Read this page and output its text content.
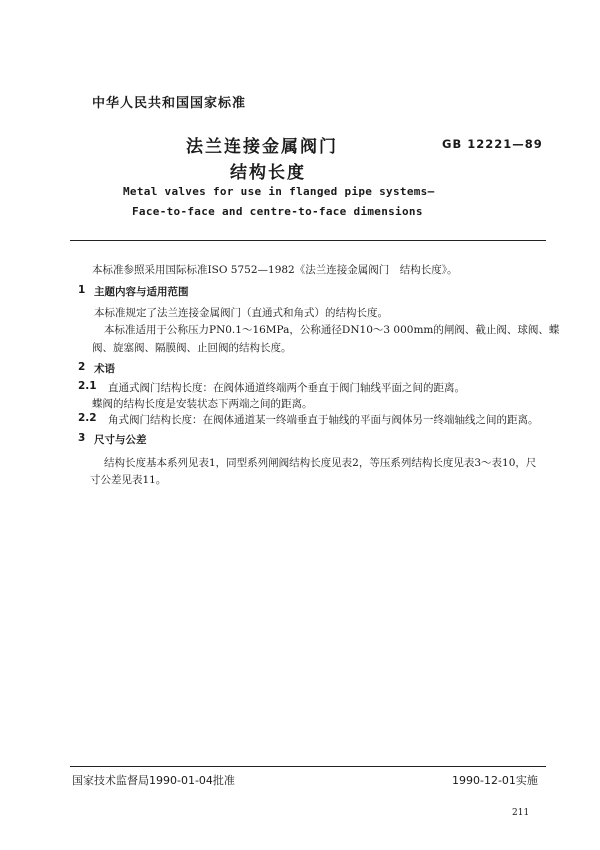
中华人民共和国国家标准
法兰连接金属阀门
结构长度
GB 12221—89
Metal valves for use in flanged pipe systems—
Face-to-face and centre-to-face dimensions
本标准参照采用国际标准ISO 5752—1982《法兰连接金属阀门　结构长度》。
1 主题内容与适用范围
本标准规定了法兰连接金属阀门（直通式和角式）的结构长度。
本标准适用于公称压力PN0.1～16MPa，公称通径DN10～3 000mm的闸阀、截止阀、球阀、蝶
阀、旋塞阀、隔膜阀、止回阀的结构长度。
2 术语
2.1 直通式阀门结构长度：在阀体通道终端两个垂直于阀门轴线平面之间的距离。
蝶阀的结构长度是安装状态下两端之间的距离。
2.2 角式阀门结构长度：在阀体通道某一终端垂直于轴线的平面与阀体另一终端轴线之间的距离。
3 尺寸与公差
结构长度基本系列见表1，同型系列闸阀结构长度见表2，等压系列结构长度见表3～表10，尺
寸公差见表11。
国家技术监督局1990-01-04批准	1990-12-01实施
211
